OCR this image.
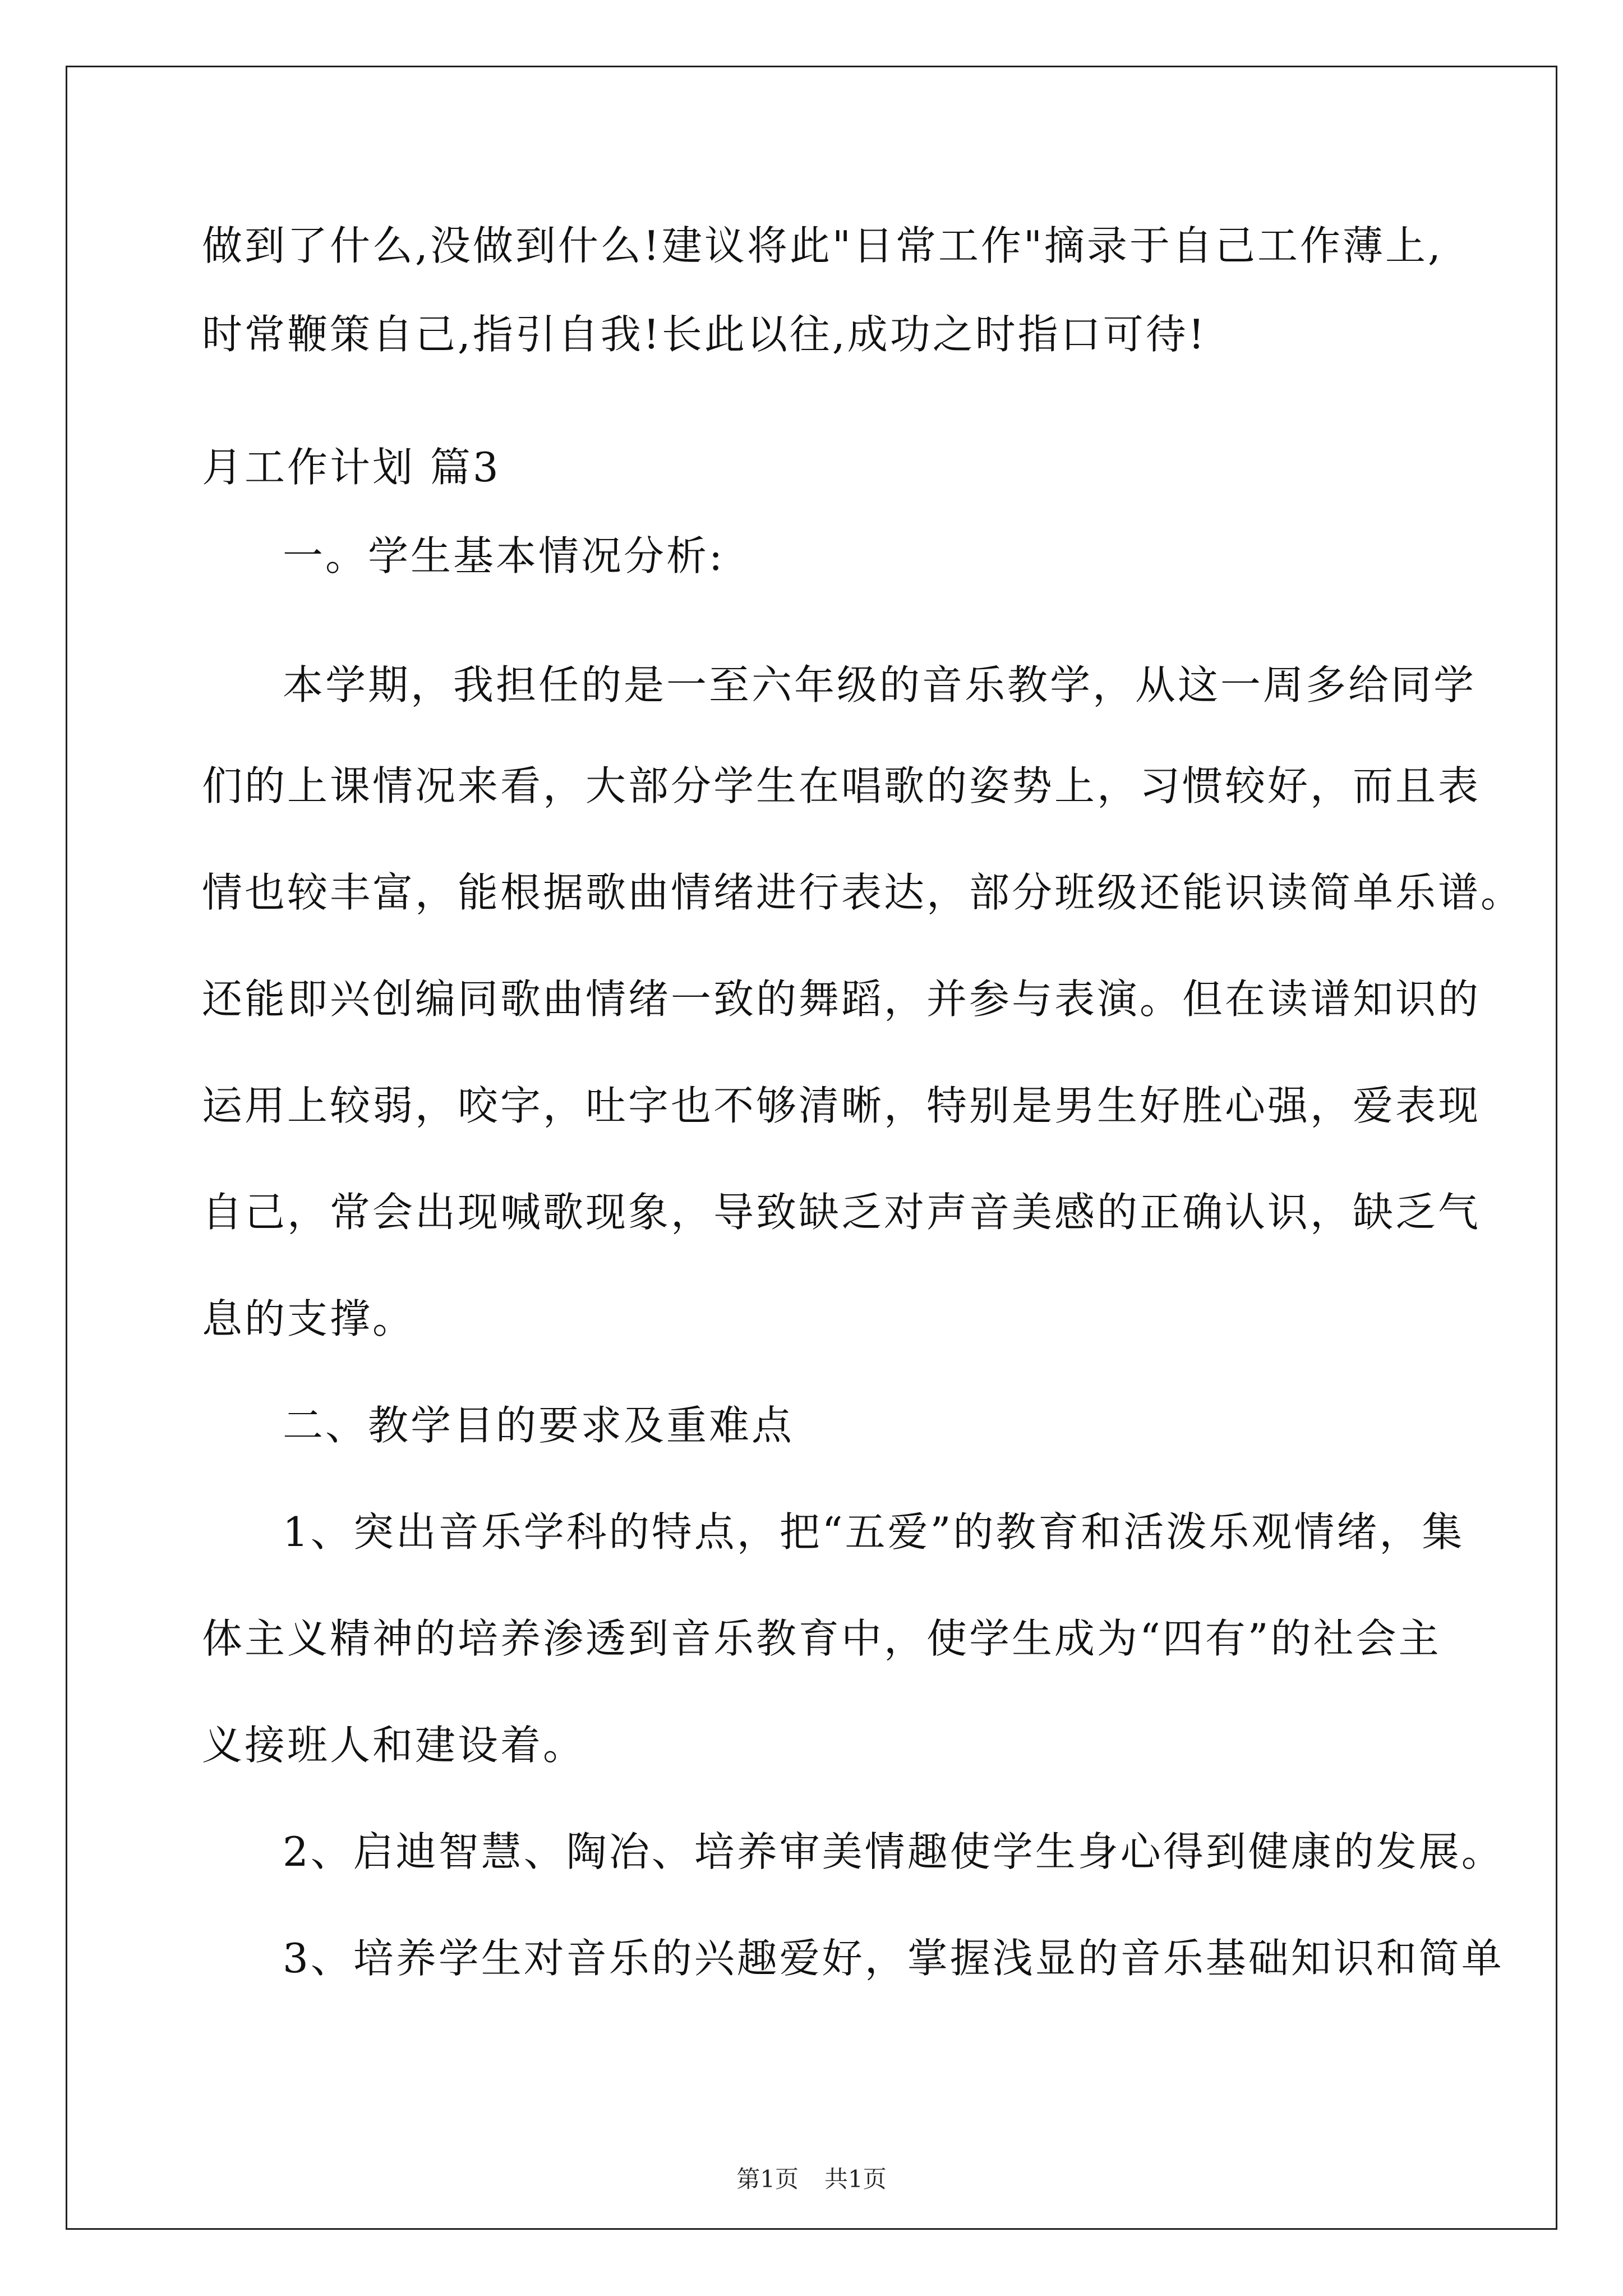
做到了什么,没做到什么!建议将此"日常工作"摘录于自己工作薄上,
时常鞭策自己,指引自我!长此以往,成功之时指口可待!
月工作计划 篇3
一。学生基本情况分析:
本学期，我担任的是一至六年级的音乐教学，从这一周多给同学
们的上课情况来看，大部分学生在唱歌的姿势上，习惯较好，而且表
情也较丰富，能根据歌曲情绪进行表达，部分班级还能识读简单乐谱。
还能即兴创编同歌曲情绪一致的舞蹈，并参与表演。但在读谱知识的
运用上较弱，咬字，吐字也不够清晰，特别是男生好胜心强，爱表现
自己，常会出现喊歌现象，导致缺乏对声音美感的正确认识，缺乏气
息的支撑。
二、教学目的要求及重难点
1、突出音乐学科的特点，把“五爱”的教育和活泼乐观情绪，集
体主义精神的培养渗透到音乐教育中，使学生成为“四有”的社会主
义接班人和建设着。
2、启迪智慧、陶冶、培养审美情趣使学生身心得到健康的发展。
3、培养学生对音乐的兴趣爱好，掌握浅显的音乐基础知识和简单
第1页 共1页
